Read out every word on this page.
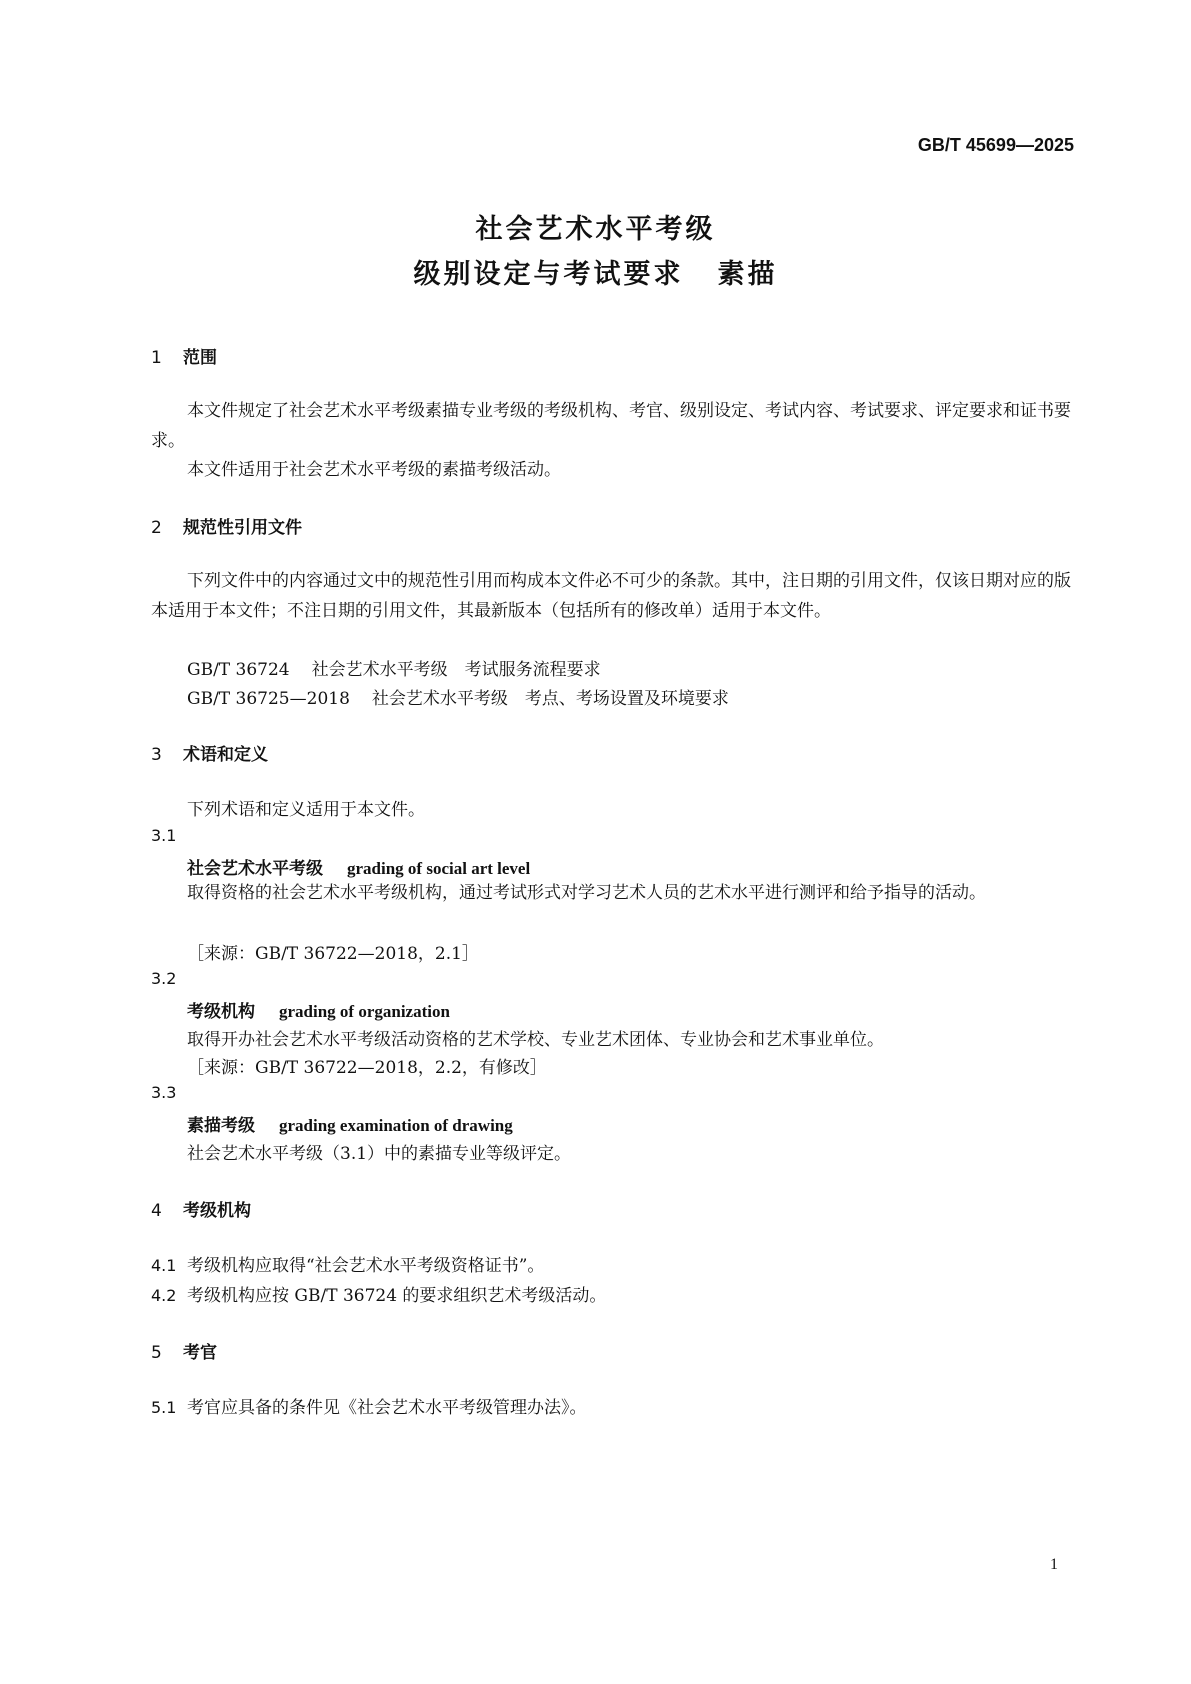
GB/T 45699—2025
社会艺术水平考级
级别设定与考试要求 素描
1 范围
本文件规定了社会艺术水平考级素描专业考级的考级机构、考官、级别设定、考试内容、考试要求、评定要求和证书要求。
本文件适用于社会艺术水平考级的素描考级活动。
2 规范性引用文件
下列文件中的内容通过文中的规范性引用而构成本文件必不可少的条款。其中，注日期的引用文件，仅该日期对应的版本适用于本文件；不注日期的引用文件，其最新版本（包括所有的修改单）适用于本文件。
GB/T 36724 社会艺术水平考级　考试服务流程要求
GB/T 36725—2018 社会艺术水平考级　考点、考场设置及环境要求
3 术语和定义
下列术语和定义适用于本文件。
3.1
社会艺术水平考级 grading of social art level
取得资格的社会艺术水平考级机构，通过考试形式对学习艺术人员的艺术水平进行测评和给予指导的活动。
［来源：GB/T 36722—2018，2.1］
3.2
考级机构 grading of organization
取得开办社会艺术水平考级活动资格的艺术学校、专业艺术团体、专业协会和艺术事业单位。
［来源：GB/T 36722—2018，2.2，有修改］
3.3
素描考级 grading examination of drawing
社会艺术水平考级（3.1）中的素描专业等级评定。
4 考级机构
4.1 考级机构应取得“社会艺术水平考级资格证书”。
4.2 考级机构应按 GB/T 36724 的要求组织艺术考级活动。
5 考官
5.1 考官应具备的条件见《社会艺术水平考级管理办法》。
1
